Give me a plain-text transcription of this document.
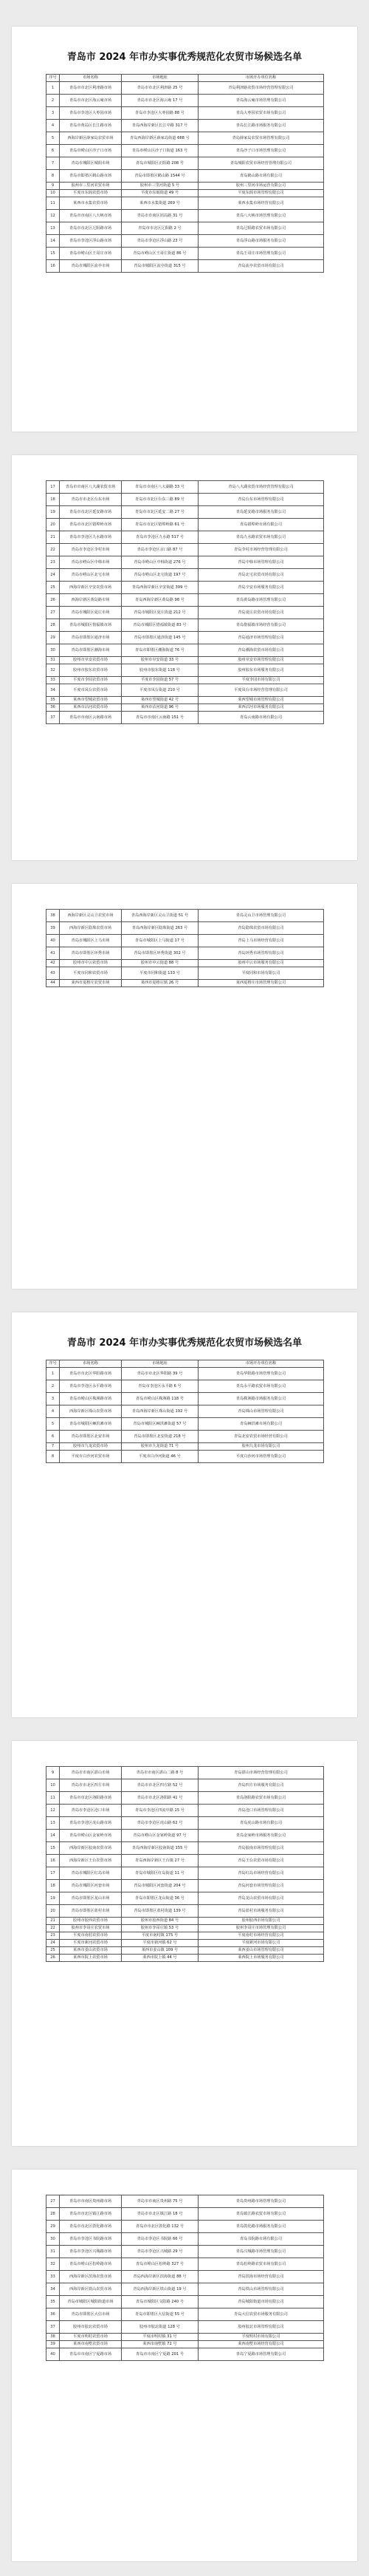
青岛市 2024 年市办实事优秀规范化农贸市场候选名单
序号	市场名称	市场地址	市场开办单位名称
1	青岛市市北区利津路市场	青岛市市北区利津路 25 号	青岛利津路农贸市场经营管理有限公司
2	青岛市市北区海云庵市场	青岛市市北区海云庵 17 号	青岛海云庵市场管理有限公司
3	青岛市李沧区大枣园市场	青岛市李沧区大枣园路 88 号	青岛大枣园农贸市场有限公司
4	青岛市黄岛区长江路市场	青岛西海岸新区长江中路 317 号	青岛长江路市场服务有限公司
5	西海岸新区薛家岛农贸市场	青岛西海岸新区薛家岛街道 668 号	青岛薛家岛农贸市场管理有限公司
6	青岛市崂山区沙子口市场	青岛市崂山区沙子口街道 163 号	青岛沙子口市场管理有限公司
7	青岛市城阳区城阳市场	青岛市城阳区正阳路 208 号	青岛城阳农贸市场经营管理有限公司
8	青岛市即墨区鹤山路市场	青岛市即墨区鹤山路 1544 号	青岛鹤山路市场有限公司
9	胶州市三里河农贸市场	胶州市三里河街道 5 号	胶州三里河市场运营有限公司
10	平度市东阁农贸市场	平度市东阁街道 49 号	平度东阁市场管理有限公司
11	莱西市水集农贸市场	莱西市水集街道 269 号	莱西水集市场经营有限公司
12	青岛市市南区八大峡市场	青岛市市南区团岛路 31 号	青岛八大峡市场管理有限公司
13	青岛市市北区辽阳路市场	青岛市市北区辽阳路 2 号	青岛辽阳路农贸市场有限公司
14	青岛市李沧区浮山路市场	青岛市李沧区浮山路 23 号	青岛浮山路市场服务有限公司
15	青岛市崂山区王哥庄市场	青岛市崂山区王哥庄街道 86 号	青岛王哥庄市场管理有限公司
16	青岛市城阳区流亭市场	青岛市城阳区流亭街道 315 号	青岛流亭农贸市场有限公司
17	青岛市市南区八大湖农贸市场	青岛市市南区八大湖路 33 号	青岛八大湖农贸市场经营管理有限公司
18	青岛市市北区台东市场	青岛市市北区台东三路 89 号	青岛台东市场管理有限公司
19	青岛市市北区延安路市场	青岛市市北区延安二路 27 号	青岛延安路市场服务有限公司
20	青岛市市北区错埠岭市场	青岛市市北区错埠岭路 61 号	青岛错埠岭市场有限公司
21	青岛市李沧区九水路市场	青岛市李沧区九水路 517 号	青岛九水路农贸市场有限公司
22	青岛市李沧区李村市场	青岛市李沧区京口路 87 号	青岛李村市场经营管理有限公司
23	青岛市崂山区中韩市场	青岛市崂山区中韩街道 276 号	青岛中韩市场管理有限公司
24	青岛市崂山区北宅市场	青岛市崂山区北宅街道 197 号	青岛北宅农贸市场有限公司
25	西海岸新区辛安农贸市场	青岛西海岸新区辛安街道 399 号	青岛辛安市场服务有限公司
26	西海岸新区黄岛路市场	青岛西海岸新区黄岛路 98 号	青岛黄岛路市场管理有限公司
27	青岛市城阳区夏庄市场	青岛市城阳区夏庄街道 212 号	青岛夏庄农贸市场有限公司
28	青岛市城阳区惜福镇市场	青岛市城阳区惜福镇街道 83 号	青岛惜福镇市场经营有限公司
29	青岛市即墨区通济市场	青岛市即墨区通济街道 145 号	青岛通济市场管理有限公司
30	青岛市即墨区潮海市场	青岛市即墨区潮海街道 76 号	青岛潮海农贸市场有限公司
31	胶州市阜安农贸市场	胶州市阜安街道 33 号	胶州阜安市场管理有限公司
32	胶州市胶东农贸市场	胶州市胶东街道 118 号	胶州胶东市场服务有限公司
33	平度市李园农贸市场	平度市李园街道 57 号	平度李园市场有限公司
34	平度市凤台农贸市场	平度市凤台街道 210 号	平度凤台市场经营管理有限公司
35	莱西市望城农贸市场	莱西市望城街道 42 号	莱西望城市场管理有限公司
36	莱西市沽河农贸市场	莱西市沽河街道 96 号	莱西沽河市场服务有限公司
37	青岛市市南区云南路市场	青岛市市南区云南路 151 号	青岛云南路市场有限公司
38	西海岸新区灵山卫农贸市场	青岛西海岸新区灵山卫街道 51 号	青岛灵山卫市场管理有限公司
39	西海岸新区隐珠农贸市场	青岛西海岸新区隐珠街道 263 号	青岛隐珠农贸市场有限公司
40	青岛市城阳区上马市场	青岛市城阳区上马街道 17 号	青岛上马市场经营有限公司
41	青岛市即墨区环秀市场	青岛市即墨区环秀街道 302 号	青岛环秀市场管理有限公司
42	胶州市中云农贸市场	胶州市中云街道 88 号	胶州中云市场服务有限公司
43	平度市同和农贸市场	平度市同和街道 133 号	平度同和市场有限公司
44	莱西市夏格庄农贸市场	莱西市夏格庄镇 26 号	莱西夏格庄市场管理有限公司
青岛市 2024 年市办实事优秀规范化农贸市场候选名单
序号	市场名称	市场地址	市场开办单位名称
1	青岛市市北区华阳路市场	青岛市市北区华阳路 39 号	青岛华阳路市场管理有限公司
2	青岛市李沧区永平路市场	青岛市李沧区永平路 6 号	青岛永平路农贸市场有限公司
3	青岛市崂山区株洲路市场	青岛市崂山区株洲路 118 号	青岛株洲路市场服务有限公司
4	西海岸新区珠山农贸市场	青岛西海岸新区珠山街道 192 号	青岛珠山市场管理有限公司
5	青岛市城阳区棘洪滩市场	青岛市城阳区棘洪滩街道 57 号	青岛棘洪滩市场有限公司
6	青岛市即墨区北安市场	青岛市即墨区北安街道 218 号	青岛北安农贸市场经营有限公司
7	胶州市九龙农贸市场	胶州市九龙街道 71 号	胶州九龙市场有限公司
8	平度市白沙河农贸市场	平度市白沙河街道 46 号	平度白沙河市场管理有限公司
9	青岛市市南区湛山市场	青岛市市南区湛山二路 8 号	青岛湛山市场经营管理有限公司
10	青岛市市北区四方市场	青岛市市北区四方路 52 号	青岛四方市场服务有限公司
11	青岛市市北区洛阳路市场	青岛市市北区洛阳路 41 号	青岛洛阳路农贸市场有限公司
12	青岛市李沧区沧口市场	青岛市李沧区四流中路 15 号	青岛沧口市场管理有限公司
13	青岛市李沧区虎山路市场	青岛市李沧区虎山路 62 号	青岛虎山路市场有限公司
14	青岛市崂山区金家岭市场	青岛市崂山区金家岭街道 97 号	青岛金家岭市场服务有限公司
15	西海岸新区胶南农贸市场	青岛西海岸新区胶南街道 155 号	青岛胶南市场管理有限公司
16	西海岸新区王台农贸市场	青岛西海岸新区王台镇 27 号	青岛王台农贸市场有限公司
17	青岛市城阳区红岛市场	青岛市城阳区红岛街道 11 号	青岛红岛市场经营有限公司
18	青岛市城阳区河套市场	青岛市城阳区河套街道 204 号	青岛河套市场管理有限公司
19	青岛市即墨区龙山市场	青岛市即墨区龙山街道 36 号	青岛龙山农贸市场有限公司
20	青岛市即墨区蓝村市场	青岛市即墨区蓝村街道 139 号	青岛蓝村市场服务有限公司
21	胶州市胶西农贸市场	胶州市胶西街道 84 号	胶州胶西市场有限公司
22	胶州市李哥庄农贸市场	胶州市李哥庄镇 53 号	胶州李哥庄市场管理有限公司
23	平度市南村农贸市场	平度市南村镇 175 号	平度南村市场经营有限公司
24	平度市新河农贸市场	平度市新河镇 62 号	平度新河市场有限公司
25	莱西市姜山农贸市场	莱西市姜山镇 109 号	莱西姜山市场管理有限公司
26	莱西市院上农贸市场	莱西市院上镇 44 号	莱西院上市场服务有限公司
27	青岛市市南区贵州路市场	青岛市市南区贵州路 75 号	青岛贵州路市场管理有限公司
28	青岛市市北区镇江路市场	青岛市市北区镇江路 18 号	青岛镇江路农贸市场有限公司
29	青岛市市北区敦化路市场	青岛市市北区敦化路 132 号	青岛敦化路市场服务有限公司
30	青岛市李沧区书院路市场	青岛市李沧区书院路 66 号	青岛书院路市场有限公司
31	青岛市李沧区兴城路市场	青岛市李沧区兴城路 29 号	青岛兴城路市场管理有限公司
32	青岛市崂山区松岭路市场	青岛市崂山区松岭路 327 号	青岛松岭路农贸市场有限公司
33	西海岸新区滨海农贸市场	青岛西海岸新区滨海街道 88 号	青岛滨海市场经营有限公司
34	西海岸新区铁山农贸市场	青岛西海岸新区铁山街道 19 号	青岛铁山市场管理有限公司
35	青岛市城阳区城阳街道市场	青岛市城阳区文阳路 240 号	青岛城阳街道市场有限公司
36	青岛市即墨区大信市场	青岛市即墨区大信街道 55 号	青岛大信农贸市场服务有限公司
37	胶州市胶北农贸市场	胶州市胶北街道 128 号	胶州胶北市场管理有限公司
38	平度市明村农贸市场	平度市明村镇 31 号	平度明村市场有限公司
39	莱西市南墅农贸市场	莱西市南墅镇 72 号	莱西南墅市场经营有限公司
40	青岛市市南区宁夏路市场	青岛市市南区宁夏路 201 号	青岛宁夏路市场管理有限公司
